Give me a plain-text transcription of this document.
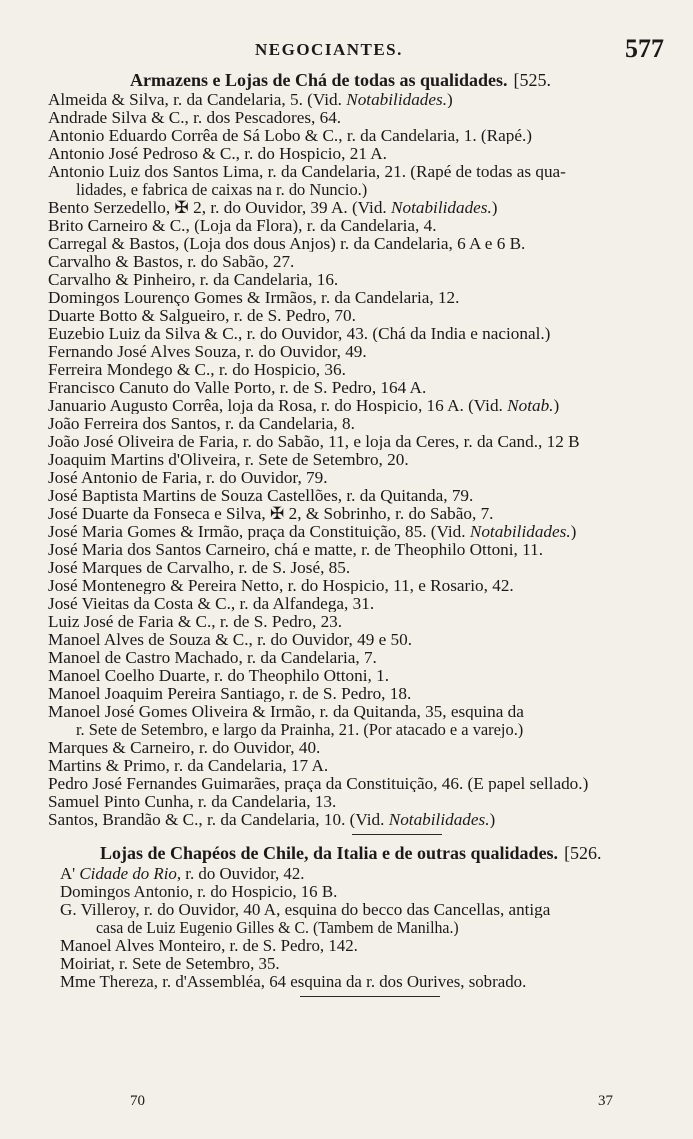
NEGOCIANTES.	577
Armazens e Lojas de Chá de todas as qualidades. [525.
Almeida & Silva, r. da Candelaria, 5. (Vid. Notabilidades.)
Andrade Silva & C., r. dos Pescadores, 64.
Antonio Eduardo Corrêa de Sá Lobo & C., r. da Candelaria, 1. (Rapé.)
Antonio José Pedroso & C., r. do Hospicio, 21 A.
Antonio Luiz dos Santos Lima, r. da Candelaria, 21. (Rapé de todas as qua-
lidades, e fabrica de caixas na r. do Nuncio.)
Bento Serzedello, ✠ 2, r. do Ouvidor, 39 A. (Vid. Notabilidades.)
Brito Carneiro & C., (Loja da Flora), r. da Candelaria, 4.
Carregal & Bastos, (Loja dos dous Anjos) r. da Candelaria, 6 A e 6 B.
Carvalho & Bastos, r. do Sabão, 27.
Carvalho & Pinheiro, r. da Candelaria, 16.
Domingos Lourenço Gomes & Irmãos, r. da Candelaria, 12.
Duarte Botto & Salgueiro, r. de S. Pedro, 70.
Euzebio Luiz da Silva & C., r. do Ouvidor, 43. (Chá da India e nacional.)
Fernando José Alves Souza, r. do Ouvidor, 49.
Ferreira Mondego & C., r. do Hospicio, 36.
Francisco Canuto do Valle Porto, r. de S. Pedro, 164 A.
Januario Augusto Corrêa, loja da Rosa, r. do Hospicio, 16 A. (Vid. Notab.)
João Ferreira dos Santos, r. da Candelaria, 8.
João José Oliveira de Faria, r. do Sabão, 11, e loja da Ceres, r. da Cand., 12 B
Joaquim Martins d'Oliveira, r. Sete de Setembro, 20.
José Antonio de Faria, r. do Ouvidor, 79.
José Baptista Martins de Souza Castellões, r. da Quitanda, 79.
José Duarte da Fonseca e Silva, ✠ 2, & Sobrinho, r. do Sabão, 7.
José Maria Gomes & Irmão, praça da Constituição, 85. (Vid. Notabilidades.)
José Maria dos Santos Carneiro, chá e matte, r. de Theophilo Ottoni, 11.
José Marques de Carvalho, r. de S. José, 85.
José Montenegro & Pereira Netto, r. do Hospicio, 11, e Rosario, 42.
José Vieitas da Costa & C., r. da Alfandega, 31.
Luiz José de Faria & C., r. de S. Pedro, 23.
Manoel Alves de Souza & C., r. do Ouvidor, 49 e 50.
Manoel de Castro Machado, r. da Candelaria, 7.
Manoel Coelho Duarte, r. do Theophilo Ottoni, 1.
Manoel Joaquim Pereira Santiago, r. de S. Pedro, 18.
Manoel José Gomes Oliveira & Irmão, r. da Quitanda, 35, esquina da
r. Sete de Setembro, e largo da Prainha, 21. (Por atacado e a varejo.)
Marques & Carneiro, r. do Ouvidor, 40.
Martins & Primo, r. da Candelaria, 17 A.
Pedro José Fernandes Guimarães, praça da Constituição, 46. (E papel sellado.)
Samuel Pinto Cunha, r. da Candelaria, 13.
Santos, Brandão & C., r. da Candelaria, 10. (Vid. Notabilidades.)
Lojas de Chapéos de Chile, da Italia e de outras qualidades. [526.
A' Cidade do Rio, r. do Ouvidor, 42.
Domingos Antonio, r. do Hospicio, 16 B.
G. Villeroy, r. do Ouvidor, 40 A, esquina do becco das Cancellas, antiga
casa de Luiz Eugenio Gilles & C. (Tambem de Manilha.)
Manoel Alves Monteiro, r. de S. Pedro, 142.
Moiriat, r. Sete de Setembro, 35.
Mme Thereza, r. d'Assembléa, 64 esquina da r. dos Ourives, sobrado.
70	37
